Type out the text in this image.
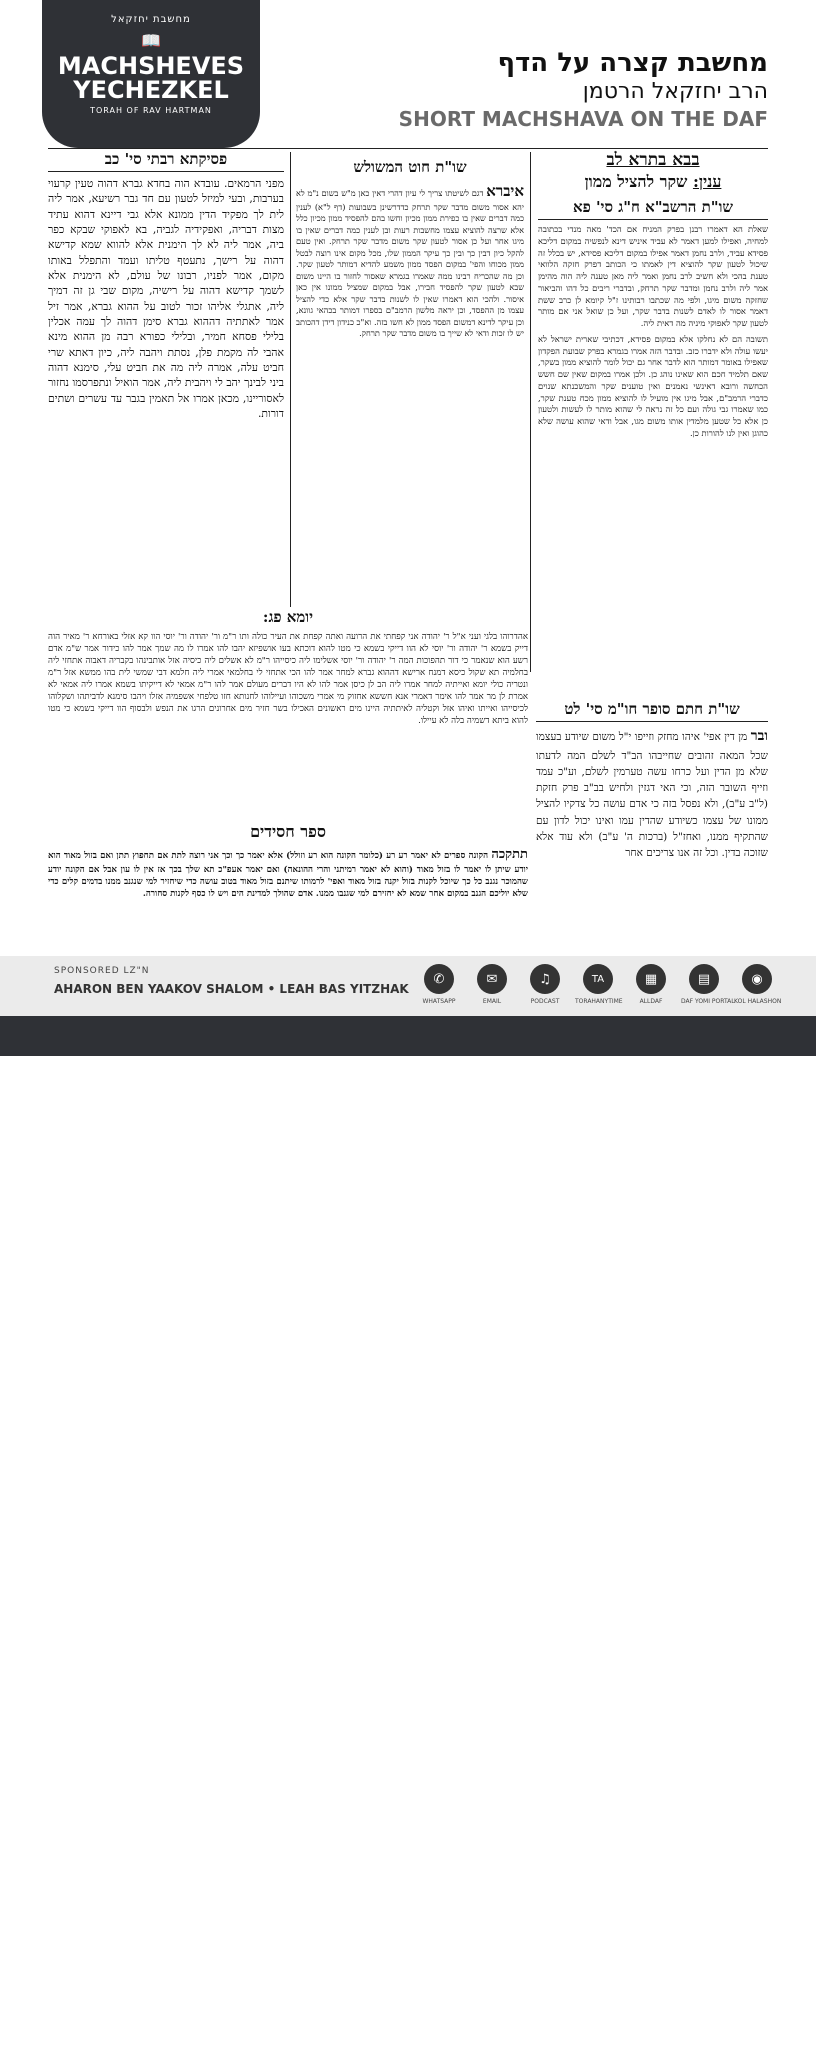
מחשבת יחזקאל
📖
MACHSHEVES
YECHEZKEL
TORAH OF RAV HARTMAN
מחשבת קצרה על הדף
הרב יחזקאל הרטמן
SHORT MACHSHAVA ON THE DAF
בבא בתרא לב
ענין: שקר להציל ממון
שו"ת הרשב"א ח"ג סי' פא
שאלת הא דאמרו רבנן בפרק המניח אם הכד' מאה מנדי בכתובה למחיה, ואפילו למען דאמר לא עביד איניש דינא לנפשיה במקום דליכא פסידא עביד, ולרב נחמן דאמר אפילו במקום דליכא פסידא, יש בכלל זה שיכול לטעון שקר להוציא דין לאמתו כי הכותב דפרק חזקה הלוואי טענת בהכי ולא חשיב לרב נחמן ואמר ליה מאן טענה ליה הוה מהימן אמר ליה ולרב נחמן ומדבר שקר תרחק, ובדברי ריבים כל דהו והביאור שחזקה משום מיגו, ולפי מה שכתבו רבותינו ז"ל קיומא לן כרב ששת דאמר אסור לו לאדם לשנות בדבר שקר, ועל כן שואל אני אם מותר לטעון שקר לאפוקי מיניה מה דאית ליה.
תשובה הם לא נחלקו אלא במקום פסידא, דכתיבי שארית ישראל לא יעשו עולה ולא ידברו כזב. ובדבר הזה אמרו בגמרא בפרק שבועת הפקדון שאפילו באומר דמותר הוא לדבר אחר גם יכול לומר להוציא ממון בשקר, שאם תלמיד חכם הוא שאינו נוהג כן. ולכן אמרו במקום שאין שם חשש הכחשה ורובא דאינשי נאמנים ואין טוענים שקר והמשכנתא שנוים כדברי הרמב"ם, אבל מיגו אין מועיל לו להוציא ממון מכח טענת שקר, כמו שאמרו גבי גולה ועם כל זה נראה לי שהוא מותר לו לעשות ולטעון כן אלא כל שטען מלמדין אותו משום מגו, אבל ודאי שהוא עושה שלא כהוגן ואין לנו להורות כן.
שו"ת חוט המשולש
איברא דגם לשיטתו צריך לי עיון דהרי דאין כאן מ"ש בשום נ"מ לא יהא אסור משום מדבר שקר תרחק כדדרשינן בשבועות (דף ל"א) לענין כמה דברים שאין בו כפירת ממון מכיון וחשו בהם להפסיד ממון מכיון כלל אלא שרצה להוציא עצמו מחשבות רעות ובן לענין כמה דברים שאין בו מיגו אחר ועל כן אסור לטעון שקר משום מדבר שקר תרחק. ואין טעם להקל כיון דבין כך ובין כך עיקר הממון שלו, מכל מקום אינו רוצה לבטל ממון מכוחו והפי' במקום הפסד ממון משמע להדיא דמותר לטעון שקר. וכן מה שהכריח רבינו ממה שאמרו בגמרא שאסור לחזור בו היינו משום שבא לטעון שקר להפסיד חבירו, אבל במקום שמציל ממונו אין כאן איסור. ולהכי הוא דאמרו שאין לו לשנות בדבר שקר אלא כדי להציל עצמו מן ההפסד, וכן יראה מלשון הרמב"ם בספרו דמותר בכהאי גוונא, וכן עיקר לדינא דמשום הפסד ממון לא חשו בזה. וא"כ כנידון דידן דהכותב יש לו זכות ודאי לא שייך בו משום מדבר שקר תרחק.
פסיקתא רבתי סי' כב
מפני הרמאים. עובדא הוה בחדא גברא דהוה טעין קרעוי בערבות, ובעי למיזל לטעון עם חד גבר רשיעא, אמר ליה לית לך מפקיד הדין ממונא אלא גבי דיינא דהוא עתיד מצות דבריה, ואפקידיה לגביה, בא לאפוקי שבקא כפר ביה, אמר ליה לא לך הימנית אלא להווא שמא קדישא דהוה על רישך, נתעטף טליתו ועמד והתפלל באותו מקום, אמר לפניו, רבונו של עולם, לא הימנית אלא לשמך קדישא דהוה על רישיה, מקום שבי גן זה דמיך ליה, אתגלי אליהו זכור לטוב על ההוא גברא, אמר זיל אמר לאתתיה דההוא גברא סימן דהוה לך עמה אכלין בלילי פסחא חמיר, ובלילי כפורא רבה מן ההוא מינא אהבי לה מקמת פלן, נסתת ויהבה ליה, כיון דאתא שרי חביט עלה, אמרה ליה מה את חביט עלי, סימנא דהוה ביני לבינך יהב לי ויהבית ליה, אמר הואיל ונתפרסמו נחזור לאסוריינו, מכאן אמרו אל תאמין בגבר עד עשרים ושתים דורות.
יומא פג:
אהדרוהו בלגי ועני א"ל ר' יהודה אני קפחתי את הרועה ואתה קפחת את העיר כולה ותו ר"מ ור' יהודה ור' יוסי הוו קא אזלי באורחא ר' מאיר הוה דייק בשמא ר' יהודה ור' יוסי לא הוו דייקי בשמא כי מטו להוא דוכתא בעו אושפיזא יהבו להו אמרו לו מה שמך אמר להו כידור אמר ש"מ אדם רשע הוא שנאמר כי דור תהפוכות המה ר' יהודה ור' יוסי אשלימו ליה כיסייהו ר"מ לא אשלים ליה כיסיה אזל אותבינהו בקבריה דאבוה אתחזי ליה בחלמיה תא שקול כיסא דמנח ארישא דההוא גברא למחר אמר להו הכי אתחזי לי בחלמאי אמרי ליה חלמא דבי שמשי לית בהו ממשא אזל ר"מ ונטריה כולי יומא ואייתיה למחר אמרו ליה הב לן כיסן אמר להו לא היו דברים מעולם אמר להו ר"מ אמאי לא דייקיתו בשמא אמרו ליה אמאי לא אמרת לן מר אמר להו אימר דאמרי אנא חששא אחזוק מי אמרי משכוהו ועיילוהו לחנותא חזו טלפחי אשפמיה אזלו ויהבו סימנא לדביתהו ושקלוהו לכיסייהו ואייתו ואיהו אזל וקטליה לאיתתיה היינו מים ראשונים האכילו בשר חזיר מים אחרונים הרגו את הנפש ולבסוף הוו דייקי בשמא כי מטו להוא ביתא דשמיה בלה לא עיילו.
ספר חסידים
תתקכה הקונה ספרים לא יאמר רע רע (כלומר הקונה הוא רע וזולל) אלא יאמר כך וכך אני רוצה לתת אם תחפוץ תתן ואם בזול מאוד הוא יודע שיתן לו יאמר לו בזול מאוד (והוא לא יאמר רמיתני והרי ההונאה) ואם יאמר אעפ"כ תא שלך בכך אז אין לו עון אבל אם הקונה יודע שהמוכר נגנב כל כך שיוכל לקנות בזול יקנה בזול מאוד ואפי' לרמותו שיתנם בזול מאוד בטוב עושה כדי שיחזיר למי שנגנב ממנו בדמים קלים כדי שלא יוליכם הגנב במקום אחר שמא לא יחזירם למי שגנבו ממנו. אדם שהולך למדינת הים ויש לו כסף לקנות סחורה.
שו"ת חתם סופר חו"מ סי' לט
ובר מן דין אפי' איהו מחזק וזייפו י"ל משום שיודע בעצמו שכל המאה זהובים שחייבהו הב"ד לשלם המה לדעתו שלא מן הדין ועל כרחו עשה טערמין לשלם, וע"כ עמד וזייף השובר הזה, וכי האי דגזין ולחיש בב"ב פרק חזקת (ל"ב ע"ב), ולא נפסל בזה כי אדם עושה כל צדקיו להציל ממונו של עצמו כשיודע שהדין עמו ואינו יכול לדון עם שהתקיף ממנו, ואחז"ל (ברכות ה' ע"ב) ולא עוד אלא שזוכה בדין. וכל זה אנו צריכים אחר
SPONSORED LZ"N
AHARON BEN YAAKOV SHALOM • LEAH BAS YITZHAK
✆
WHATSAPP
✉
EMAIL
♫
PODCAST
TA
TORAHANYTIME
▦
ALLDAF
▤
DAF YOMI PORTAL
◉
KOL HALASHON
MACHSHEVESYECHEZKEL.COM • SHORTMACHSHAVA@GMAIL.COM • ✆ 6463522597	מספר ישיר: ✆ 073-371-8181
